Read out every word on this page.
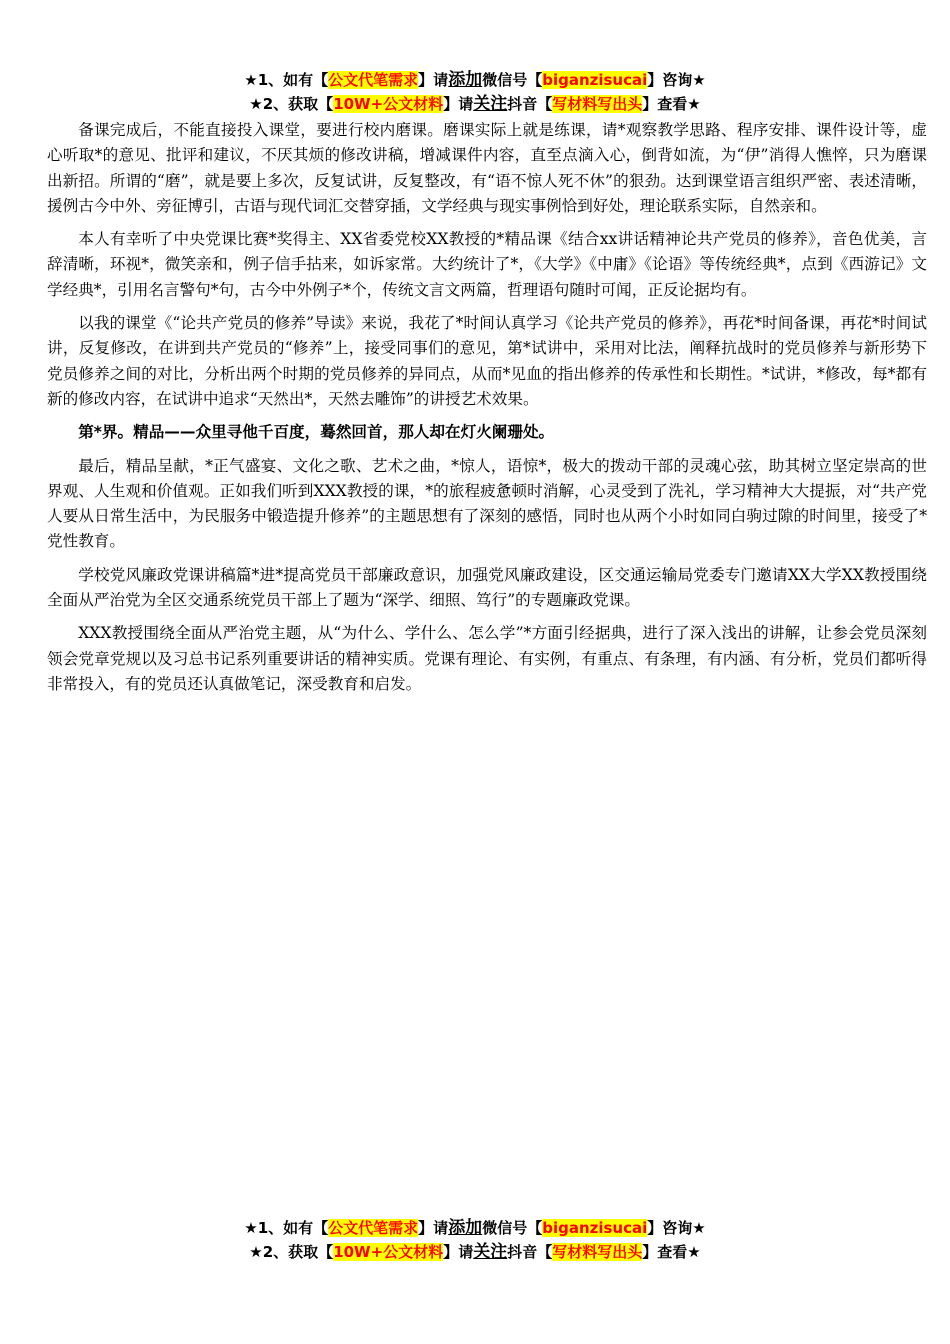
★1、如有【公文代笔需求】请添加微信号【biganzisucai】咨询★
★2、获取【10W+公文材料】请关注抖音【写材料写出头】查看★

备课完成后，不能直接投入课堂，要进行校内磨课。磨课实际上就是练课，请*观察教学思路、程序安排、课件设计等，虚心听取*的意见、批评和建议，不厌其烦的修改讲稿，增减课件内容，直至点滴入心，倒背如流，为“伊”消得人憔悴，只为磨课出新招。所谓的“磨”，就是要上多次，反复试讲，反复整改，有“语不惊人死不休”的狠劲。达到课堂语言组织严密、表述清晰，援例古今中外、旁征博引，古语与现代词汇交替穿插，文学经典与现实事例恰到好处，理论联系实际，自然亲和。

本人有幸听了中央党课比赛*奖得主、XX省委党校XX教授的*精品课《结合xx讲话精神论共产党员的修养》，音色优美，言辞清晰，环视*，微笑亲和，例子信手拈来，如诉家常。大约统计了*，《大学》《中庸》《论语》等传统经典*，点到《西游记》文学经典*，引用名言警句*句，古今中外例子*个，传统文言文两篇，哲理语句随时可闻，正反论据均有。

以我的课堂《“论共产党员的修养”导读》来说，我花了*时间认真学习《论共产党员的修养》，再花*时间备课，再花*时间试讲，反复修改，在讲到共产党员的“修养”上，接受同事们的意见，第*试讲中，采用对比法，阐释抗战时的党员修养与新形势下党员修养之间的对比，分析出两个时期的党员修养的异同点，从而*见血的指出修养的传承性和长期性。*试讲，*修改，每*都有新的修改内容，在试讲中追求“天然出*，天然去雕饰”的讲授艺术效果。

第*界。精品——众里寻他千百度，蓦然回首，那人却在灯火阑珊处。

最后，精品呈献，*正气盛宴、文化之歌、艺术之曲，*惊人，语惊*，极大的拨动干部的灵魂心弦，助其树立坚定崇高的世界观、人生观和价值观。正如我们听到XXX教授的课，*的旅程疲惫顿时消解，心灵受到了洗礼，学习精神大大提振，对“共产党人要从日常生活中，为民服务中锻造提升修养”的主题思想有了深刻的感悟，同时也从两个小时如同白驹过隙的时间里，接受了*党性教育。

学校党风廉政党课讲稿篇*进*提高党员干部廉政意识，加强党风廉政建设，区交通运输局党委专门邀请XX大学XX教授围绕全面从严治党为全区交通系统党员干部上了题为“深学、细照、笃行”的专题廉政党课。

XXX教授围绕全面从严治党主题，从“为什么、学什么、怎么学”*方面引经据典，进行了深入浅出的讲解，让参会党员深刻领会党章党规以及习总书记系列重要讲话的精神实质。党课有理论、有实例，有重点、有条理，有内涵、有分析，党员们都听得非常投入，有的党员还认真做笔记，深受教育和启发。

★1、如有【公文代笔需求】请添加微信号【biganzisucai】咨询★
★2、获取【10W+公文材料】请关注抖音【写材料写出头】查看★
